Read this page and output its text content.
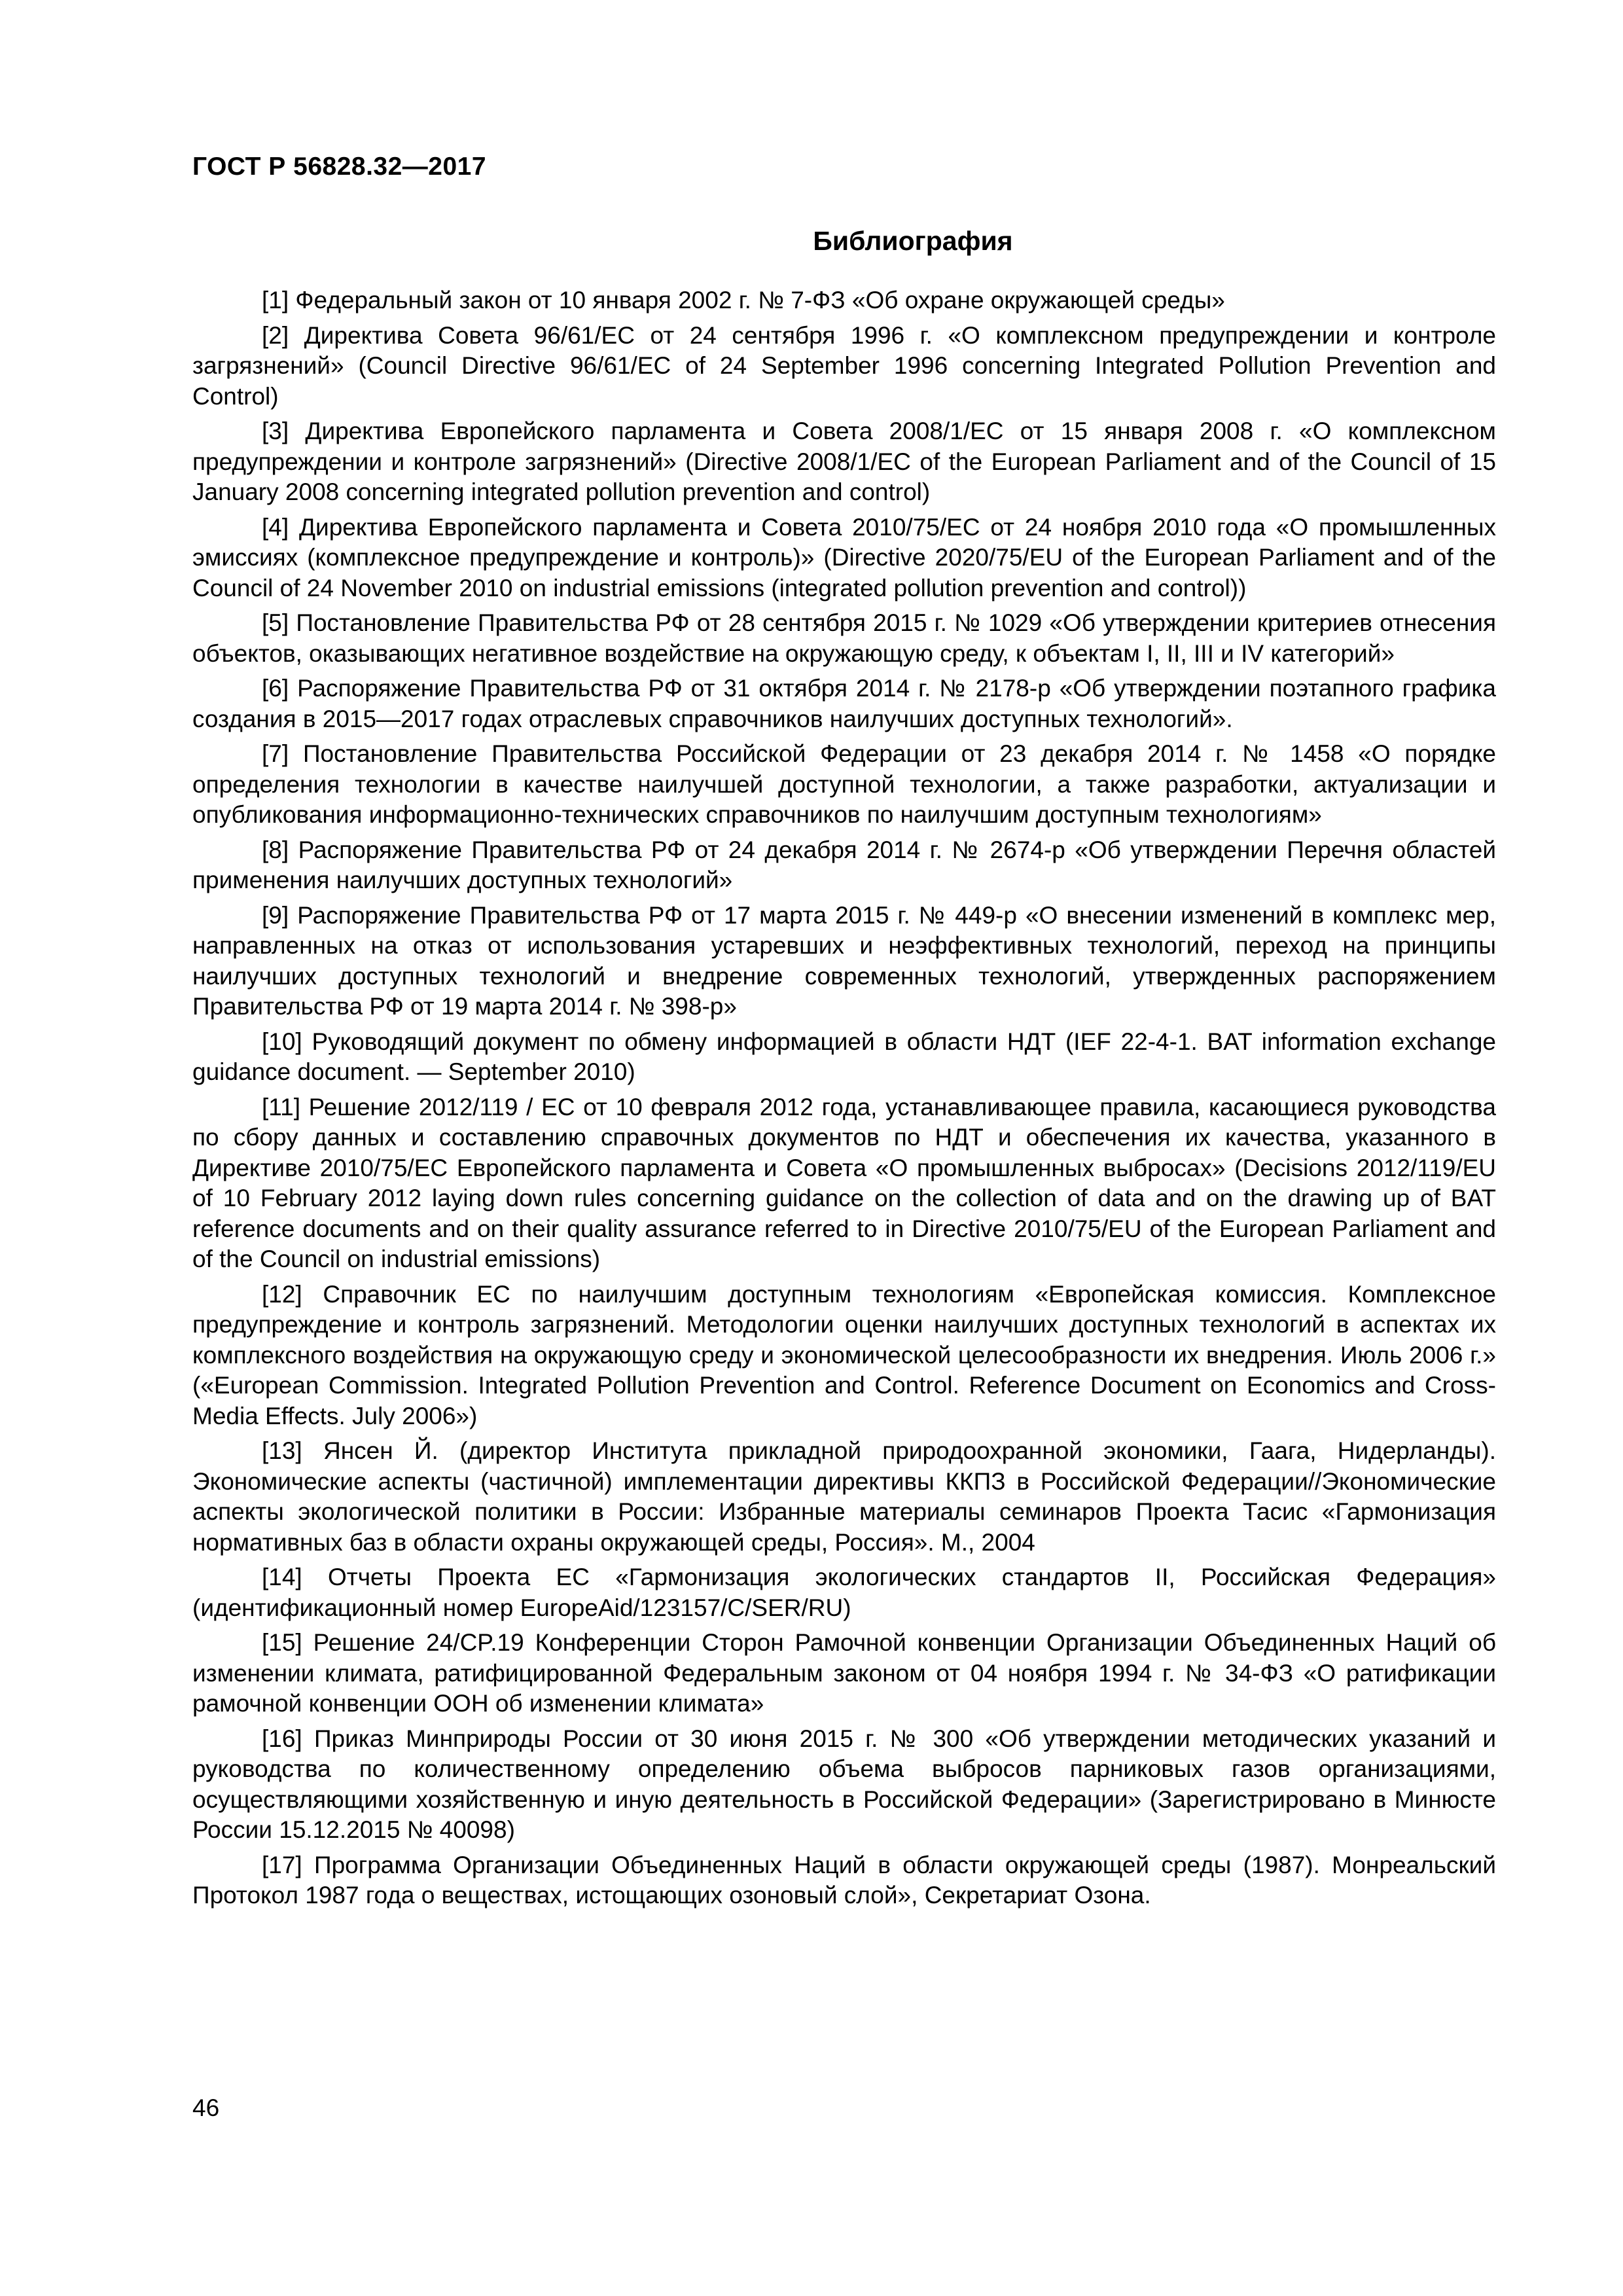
ГОСТ Р 56828.32—2017
Библиография

[1] Федеральный закон от 10 января 2002 г. № 7-ФЗ «Об охране окружающей среды»

[2] Директива Совета 96/61/ЕС от 24 сентября 1996 г. «О комплексном предупреждении и контроле загрязнений» (Council Directive 96/61/EC of 24 September 1996 concerning Integrated Pollution Prevention and Control)

[3] Директива Европейского парламента и Совета 2008/1/ЕС от 15 января 2008 г. «О комплексном предупреждении и контроле загрязнений» (Directive 2008/1/EC of the European Parliament and of the Council of 15 January 2008 concerning integrated pollution prevention and control)

[4] Директива Европейского парламента и Совета 2010/75/ЕС от 24 ноября 2010 года «О промышленных эмиссиях (комплексное предупреждение и контроль)» (Directive 2020/75/EU of the European Parliament and of the Council of 24 November 2010 on industrial emissions (integrated pollution prevention and control))

[5] Постановление Правительства РФ от 28 сентября 2015 г. № 1029 «Об утверждении критериев отнесения объектов, оказывающих негативное воздействие на окружающую среду, к объектам I, II, III и IV категорий»

[6] Распоряжение Правительства РФ от 31 октября 2014 г. № 2178-р «Об утверждении поэтапного графика создания в 2015—2017 годах отраслевых справочников наилучших доступных технологий».

[7] Постановление Правительства Российской Федерации от 23 декабря 2014 г. № 1458 «О порядке определения технологии в качестве наилучшей доступной технологии, а также разработки, актуализации и опубликования информационно-технических справочников по наилучшим доступным технологиям»

[8] Распоряжение Правительства РФ от 24 декабря 2014 г. № 2674-р «Об утверждении Перечня областей применения наилучших доступных технологий»

[9] Распоряжение Правительства РФ от 17 марта 2015 г. № 449-р «О внесении изменений в комплекс мер, направленных на отказ от использования устаревших и неэффективных технологий, переход на принципы наилучших доступных технологий и внедрение современных технологий, утвержденных распоряжением Правительства РФ от 19 марта 2014 г. № 398-р»

[10] Руководящий документ по обмену информацией в области НДТ (IEF 22-4-1. BAT information exchange guidance document. — September 2010)

[11] Решение 2012/119 / ЕС от 10 февраля 2012 года, устанавливающее правила, касающиеся руководства по сбору данных и составлению справочных документов по НДТ и обеспечения их качества, указанного в Директиве 2010/75/ЕС Европейского парламента и Совета «О промышленных выбросах» (Decisions 2012/119/EU of 10 February 2012 laying down rules concerning guidance on the collection of data and on the drawing up of BAT reference documents and on their quality assurance referred to in Directive 2010/75/EU of the European Parliament and of the Council on industrial emissions)

[12] Справочник ЕС по наилучшим доступным технологиям «Европейская комиссия. Комплексное предупреждение и контроль загрязнений. Методологии оценки наилучших доступных технологий в аспектах их комплексного воздействия на окружающую среду и экономической целесообразности их внедрения. Июль 2006 г.» («European Commission. Integrated Pollution Prevention and Control. Reference Document on Economics and Cross-Media Effects. July 2006»)

[13] Янсен Й. (директор Института прикладной природоохранной экономики, Гаага, Нидерланды). Экономические аспекты (частичной) имплементации директивы ККПЗ в Российской Федерации//Экономические аспекты экологической политики в России: Избранные материалы семинаров Проекта Тасис «Гармонизация нормативных баз в области охраны окружающей среды, Россия». М., 2004

[14] Отчеты Проекта ЕС «Гармонизация экологических стандартов II, Российская Федерация» (идентификационный номер EuropeAid/123157/C/SER/RU)

[15] Решение 24/CP.19 Конференции Сторон Рамочной конвенции Организации Объединенных Наций об изменении климата, ратифицированной Федеральным законом от 04 ноября 1994 г. № 34-ФЗ «О ратификации рамочной конвенции ООН об изменении климата»

[16] Приказ Минприроды России от 30 июня 2015 г. № 300 «Об утверждении методических указаний и руководства по количественному определению объема выбросов парниковых газов организациями, осуществляющими хозяйственную и иную деятельность в Российской Федерации» (Зарегистрировано в Минюсте России 15.12.2015 № 40098)

[17] Программа Организации Объединенных Наций в области окружающей среды (1987). Монреальский Протокол 1987 года о веществах, истощающих озоновый слой», Секретариат Озона.

46
